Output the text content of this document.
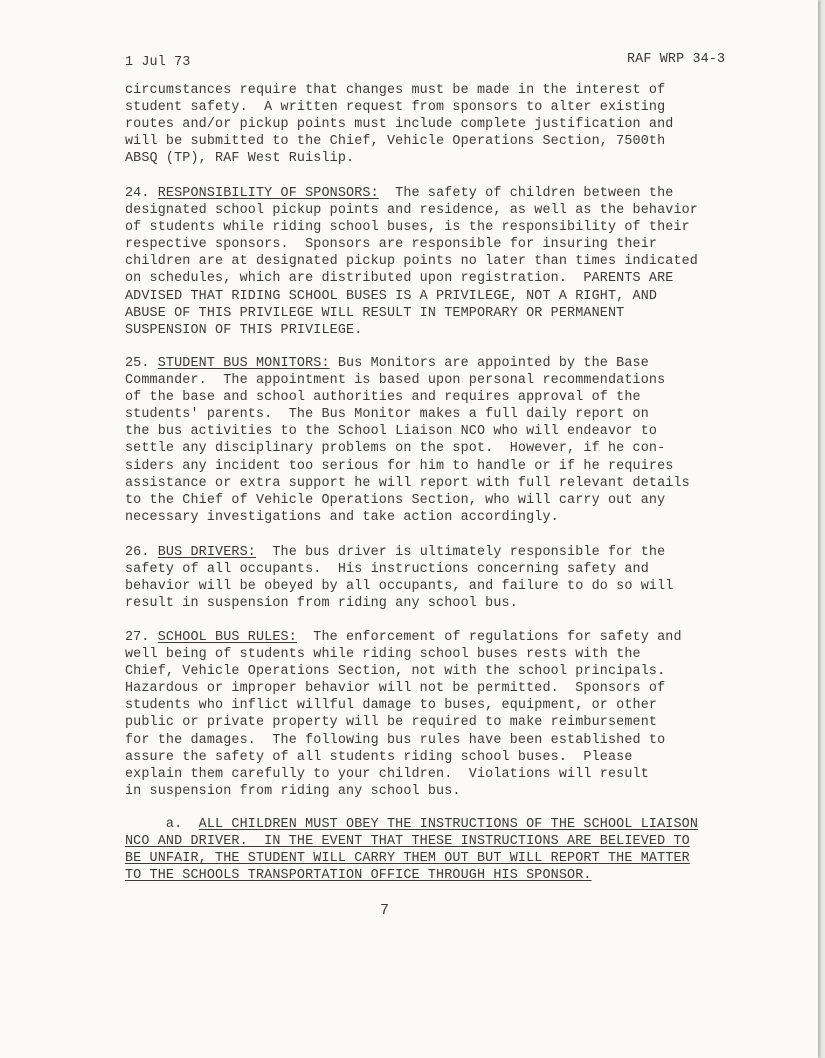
1 Jul 73	RAF WRP 34-3
circumstances require that changes must be made in the interest of
student safety.  A written request from sponsors to alter existing
routes and/or pickup points must include complete justification and
will be submitted to the Chief, Vehicle Operations Section, 7500th
ABSQ (TP), RAF West Ruislip.
24. RESPONSIBILITY OF SPONSORS:  The safety of children between the
designated school pickup points and residence, as well as the behavior
of students while riding school buses, is the responsibility of their
respective sponsors.  Sponsors are responsible for insuring their
children are at designated pickup points no later than times indicated
on schedules, which are distributed upon registration.  PARENTS ARE
ADVISED THAT RIDING SCHOOL BUSES IS A PRIVILEGE, NOT A RIGHT, AND
ABUSE OF THIS PRIVILEGE WILL RESULT IN TEMPORARY OR PERMANENT
SUSPENSION OF THIS PRIVILEGE.
25. STUDENT BUS MONITORS: Bus Monitors are appointed by the Base
Commander.  The appointment is based upon personal recommendations
of the base and school authorities and requires approval of the
students' parents.  The Bus Monitor makes a full daily report on
the bus activities to the School Liaison NCO who will endeavor to
settle any disciplinary problems on the spot.  However, if he con-
siders any incident too serious for him to handle or if he requires
assistance or extra support he will report with full relevant details
to the Chief of Vehicle Operations Section, who will carry out any
necessary investigations and take action accordingly.
26. BUS DRIVERS:  The bus driver is ultimately responsible for the
safety of all occupants.  His instructions concerning safety and
behavior will be obeyed by all occupants, and failure to do so will
result in suspension from riding any school bus.
27. SCHOOL BUS RULES:  The enforcement of regulations for safety and
well being of students while riding school buses rests with the
Chief, Vehicle Operations Section, not with the school principals.
Hazardous or improper behavior will not be permitted.  Sponsors of
students who inflict willful damage to buses, equipment, or other
public or private property will be required to make reimbursement
for the damages.  The following bus rules have been established to
assure the safety of all students riding school buses.  Please
explain them carefully to your children.  Violations will result
in suspension from riding any school bus.
a.  ALL CHILDREN MUST OBEY THE INSTRUCTIONS OF THE SCHOOL LIAISON
NCO AND DRIVER.  IN THE EVENT THAT THESE INSTRUCTIONS ARE BELIEVED TO
BE UNFAIR, THE STUDENT WILL CARRY THEM OUT BUT WILL REPORT THE MATTER
TO THE SCHOOLS TRANSPORTATION OFFICE THROUGH HIS SPONSOR.
7
